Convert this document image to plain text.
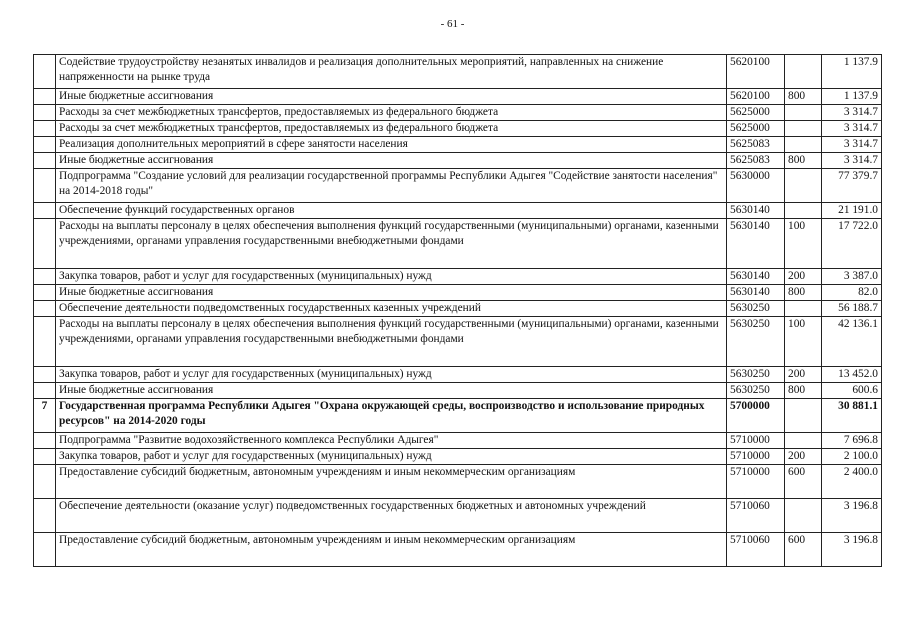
- 61 -
	Содействие трудоустройству незанятых инвалидов и реализация дополнительных мероприятий, направленных на снижение напряженности на рынке труда	5620100		1 137.9
	Иные бюджетные ассигнования	5620100	800	1 137.9
	Расходы за счет межбюджетных трансфертов, предоставляемых из федерального бюджета	5625000		3 314.7
	Расходы за счет межбюджетных трансфертов, предоставляемых из федерального бюджета	5625000		3 314.7
	Реализация дополнительных мероприятий в сфере занятости населения	5625083		3 314.7
	Иные бюджетные ассигнования	5625083	800	3 314.7
	Подпрограмма "Создание условий для реализации государственной программы Республики Адыгея "Содействие занятости населения" на 2014-2018 годы"	5630000		77 379.7
	Обеспечение функций государственных органов	5630140		21 191.0
	Расходы на выплаты персоналу в целях обеспечения выполнения функций государственными (муниципальными) органами, казенными учреждениями, органами управления государственными внебюджетными фондами	5630140	100	17 722.0
	Закупка товаров, работ и услуг для государственных (муниципальных) нужд	5630140	200	3 387.0
	Иные бюджетные ассигнования	5630140	800	82.0
	Обеспечение деятельности подведомственных государственных казенных учреждений	5630250		56 188.7
	Расходы на выплаты персоналу в целях обеспечения выполнения функций государственными (муниципальными) органами, казенными учреждениями, органами управления государственными внебюджетными фондами	5630250	100	42 136.1
	Закупка товаров, работ и услуг для государственных (муниципальных) нужд	5630250	200	13 452.0
	Иные бюджетные ассигнования	5630250	800	600.6
7	Государственная программа Республики Адыгея "Охрана окружающей среды, воспроизводство и использование природных ресурсов" на 2014-2020 годы	5700000		30 881.1
	Подпрограмма "Развитие водохозяйственного комплекса Республики Адыгея"	5710000		7 696.8
	Закупка товаров, работ и услуг для государственных (муниципальных) нужд	5710000	200	2 100.0
	Предоставление субсидий бюджетным, автономным учреждениям и иным некоммерческим организациям	5710000	600	2 400.0
	Обеспечение деятельности (оказание услуг) подведомственных государственных бюджетных и автономных учреждений	5710060		3 196.8
	Предоставление субсидий бюджетным, автономным учреждениям и иным некоммерческим организациям	5710060	600	3 196.8
